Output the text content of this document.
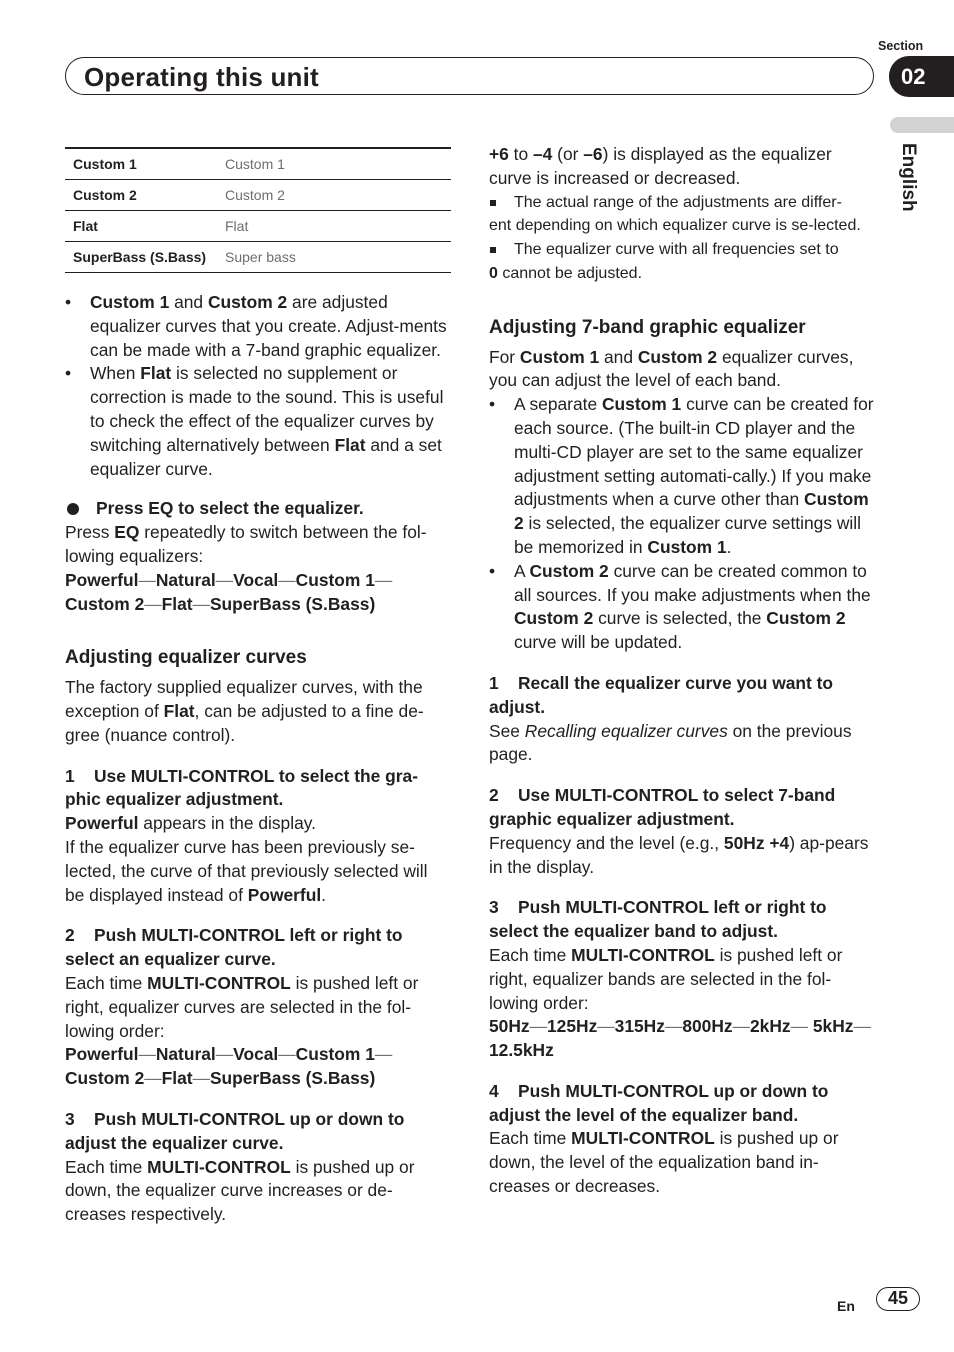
Operating this unit
Section
02
English
Custom 1	Custom 1
Custom 2	Custom 2
Flat	Flat
SuperBass (S.Bass)	Super bass

• Custom 1 and Custom 2 are adjusted equalizer curves that you create. Adjust-ments can be made with a 7-band graphic equalizer.

• When Flat is selected no supplement or correction is made to the sound. This is useful to check the effect of the equalizer curves by switching alternatively between Flat and a set equalizer curve.

Press EQ to select the equalizer.

Press EQ repeatedly to switch between the fol-lowing equalizers:

Powerful—Natural—Vocal—Custom 1— Custom 2—Flat—SuperBass (S.Bass)

Adjusting equalizer curves

The factory supplied equalizer curves, with the exception of Flat, can be adjusted to a fine de-gree (nuance control).

1    Use MULTI-CONTROL to select the gra-phic equalizer adjustment.

Powerful appears in the display.

If the equalizer curve has been previously se-lected, the curve of that previously selected will be displayed instead of Powerful.

2    Push MULTI-CONTROL left or right to select an equalizer curve.

Each time MULTI-CONTROL is pushed left or right, equalizer curves are selected in the fol-lowing order:

Powerful—Natural—Vocal—Custom 1— Custom 2—Flat—SuperBass (S.Bass)

3    Push MULTI-CONTROL up or down to adjust the equalizer curve.

Each time MULTI-CONTROL is pushed up or down, the equalizer curve increases or de-creases respectively.

+6 to –4 (or –6) is displayed as the equalizer curve is increased or decreased.

The actual range of the adjustments are differ-

ent depending on which equalizer curve is se-lected.

The equalizer curve with all frequencies set to

0 cannot be adjusted.

Adjusting 7-band graphic equalizer

For Custom 1 and Custom 2 equalizer curves, you can adjust the level of each band.

• A separate Custom 1 curve can be created for each source. (The built-in CD player and the multi-CD player are set to the same equalizer adjustment setting automati-cally.) If you make adjustments when a curve other than Custom 2 is selected, the equalizer curve settings will be memorized in Custom 1.

• A Custom 2 curve can be created common to all sources. If you make adjustments when the Custom 2 curve is selected, the Custom 2 curve will be updated.

1    Recall the equalizer curve you want to adjust.

See Recalling equalizer curves on the previous page.

2    Use MULTI-CONTROL to select 7-band graphic equalizer adjustment.

Frequency and the level (e.g., 50Hz +4) ap-pears in the display.

3    Push MULTI-CONTROL left or right to select the equalizer band to adjust.

Each time MULTI-CONTROL is pushed left or right, equalizer bands are selected in the fol-lowing order:

50Hz—125Hz—315Hz—800Hz—2kHz— 5kHz—12.5kHz

4    Push MULTI-CONTROL up or down to adjust the level of the equalizer band.

Each time MULTI-CONTROL is pushed up or down, the level of the equalization band in-creases or decreases.

En	45
